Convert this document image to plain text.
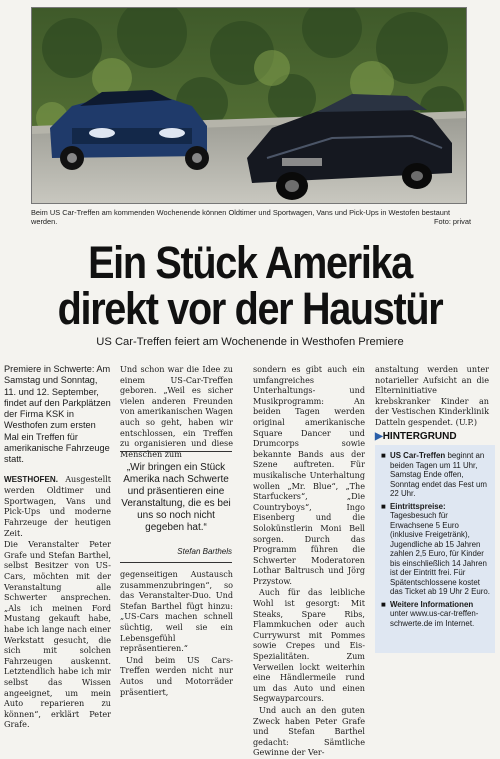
Beim US Car-Treffen am kommenden Wochenende können Oldtimer und Sportwagen, Vans und Pick-Ups in Westofen bestaunt werden.	Foto: privat
Ein Stück Amerika
direkt vor der Haustür
US Car-Treffen feiert am Wochenende in Westhofen Premiere

Premiere in Schwerte: Am Samstag und Sonntag, 11. und 12. September, findet auf den Parkplätzen der Firma KSK in Westhofen zum ersten Mal ein Treffen für amerikanische Fahrzeuge statt.

WESTHOFEN. Ausgestellt werden Oldtimer und Sportwagen, Vans und Pick-Ups und moderne Fahrzeuge der heutigen Zeit.

Die Veranstalter Peter Grafe und Stefan Barthel, selbst Besitzer von US-Cars, möchten mit der Veranstaltung alle Schwerter ansprechen. „Als ich meinen Ford Mustang gekauft habe, habe ich lange nach einer Werkstatt gesucht, die sich mit solchen Fahrzeugen auskennt. Letztendlich habe ich mir selbst das Wissen angeeignet, um mein Auto reparieren zu können“, erklärt Peter Grafe.

Und schon war die Idee zu einem US-Car-Treffen geboren. „Weil es sicher vielen anderen Freunden von amerikanischen Wagen auch so geht, haben wir entschlossen, ein Treffen zu organisieren und diese Menschen zum

„Wir bringen ein Stück Amerika nach Schwerte und präsentieren eine Veranstaltung, die es bei uns so noch nicht gegeben hat.“
Stefan Barthels

gegenseitigen Austausch zusammenzubringen“, so das Veranstalter-Duo. Und Stefan Barthel fügt hinzu: „US-Cars machen schnell süchtig, weil sie ein Lebensgefühl repräsentieren.“

Und beim US Cars-Treffen werden nicht nur Autos und Motorräder präsentiert,

sondern es gibt auch ein umfangreiches Unterhaltungs- und Musikprogramm: An beiden Tagen werden original amerikanische Square Dancer und Drumcorps sowie bekannte Bands aus der Szene auftreten. Für musikalische Unterhaltung wollen „Mr. Blue“, „The Starfuckers“, „Die Countryboys“, Ingo Eisenberg und die Solokünstlerin Moni Bell sorgen. Durch das Programm führen die Schwerter Moderatoren Lothar Baltrusch und Jörg Przystow.

Auch für das leibliche Wohl ist gesorgt: Mit Steaks, Spare Ribs, Flammkuchen oder auch Currywurst mit Pommes sowie Crepes und Eis-Spezialitäten. Zum Verweilen lockt weiterhin eine Händlermeile rund um das Auto und einen Segwayparcours.

Und auch an den guten Zweck haben Peter Grafe und Stefan Barthel gedacht: Sämtliche Gewinne der Ver-

anstaltung werden unter notarieller Aufsicht an die Elterninitiative krebskranker Kinder an der Vestischen Kinderklinik Datteln gespendet. (U.P.)

▶HINTERGRUND
■ US Car-Treffen beginnt an beiden Tagen um 11 Uhr, Samstag Ende offen, Sonntag endet das Fest um 22 Uhr.
■ Eintrittspreise: Tagesbesuch für Erwachsene 5 Euro (inklusive Freigetränk), Jugendliche ab 15 Jahren zahlen 2,5 Euro, für Kinder bis einschließlich 14 Jahren ist der Eintritt frei. Für Spätentschlossene kostet das Ticket ab 19 Uhr 2 Euro.
■ Weitere Informationen unter www.us-car-treffen-schwerte.de im Internet.
